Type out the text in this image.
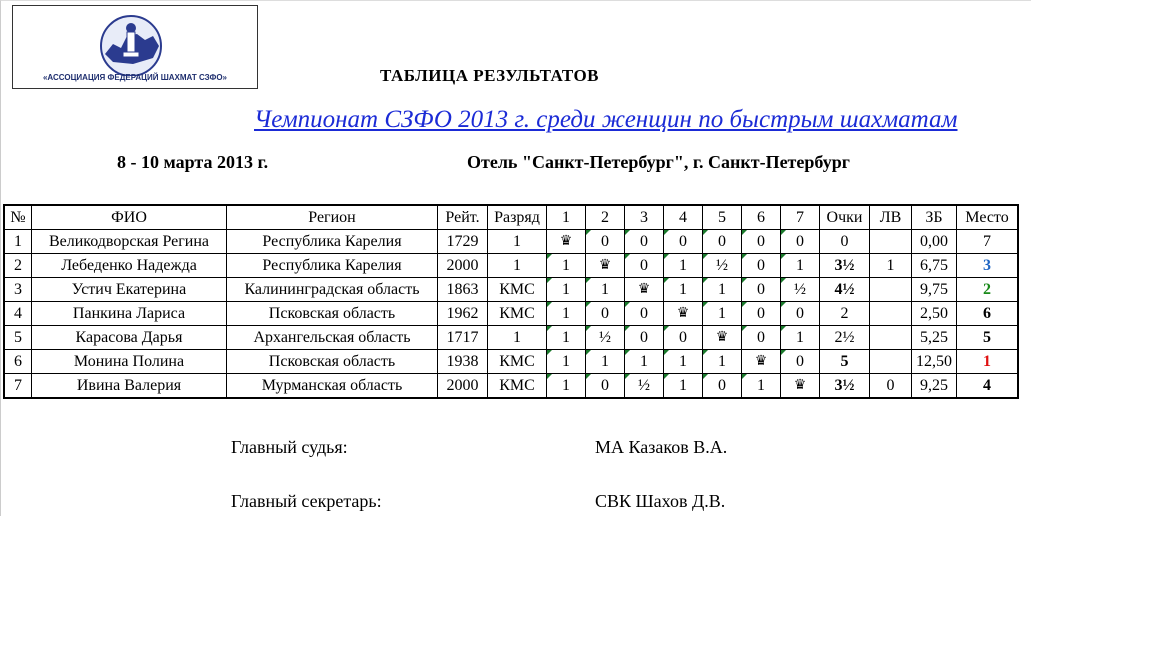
«АССОЦИАЦИЯ ФЕДЕРАЦИЙ ШАХМАТ СЗФО»	ТАБЛИЦА РЕЗУЛЬТАТОВ
Чемпионат СЗФО 2013 г. среди женщин по быстрым шахматам
8 - 10 марта 2013 г.	Отель "Санкт-Петербург", г. Санкт-Петербург
№	ФИО	Регион	Рейт.	Разряд	1	2	3	4	5	6	7	Очки	ЛВ	ЗБ	Место
1	Великодворская Регина	Республика Карелия	1729	1	♛	0	0	0	0	0	0	0		0,00	7
2	Лебеденко Надежда	Республика Карелия	2000	1	1	♛	0	1	½	0	1	3½	1	6,75	3
3	Устич Екатерина	Калининградская область	1863	КМС	1	1	♛	1	1	0	½	4½		9,75	2
4	Панкина Лариса	Псковская область	1962	КМС	1	0	0	♛	1	0	0	2		2,50	6
5	Карасова Дарья	Архангельская область	1717	1	1	½	0	0	♛	0	1	2½		5,25	5
6	Монина Полина	Псковская область	1938	КМС	1	1	1	1	1	♛	0	5		12,50	1
7	Ивина Валерия	Мурманская область	2000	КМС	1	0	½	1	0	1	♛	3½	0	9,25	4
Главный судья:	МА Казаков В.А.
Главный секретарь:	СВК Шахов Д.В.
